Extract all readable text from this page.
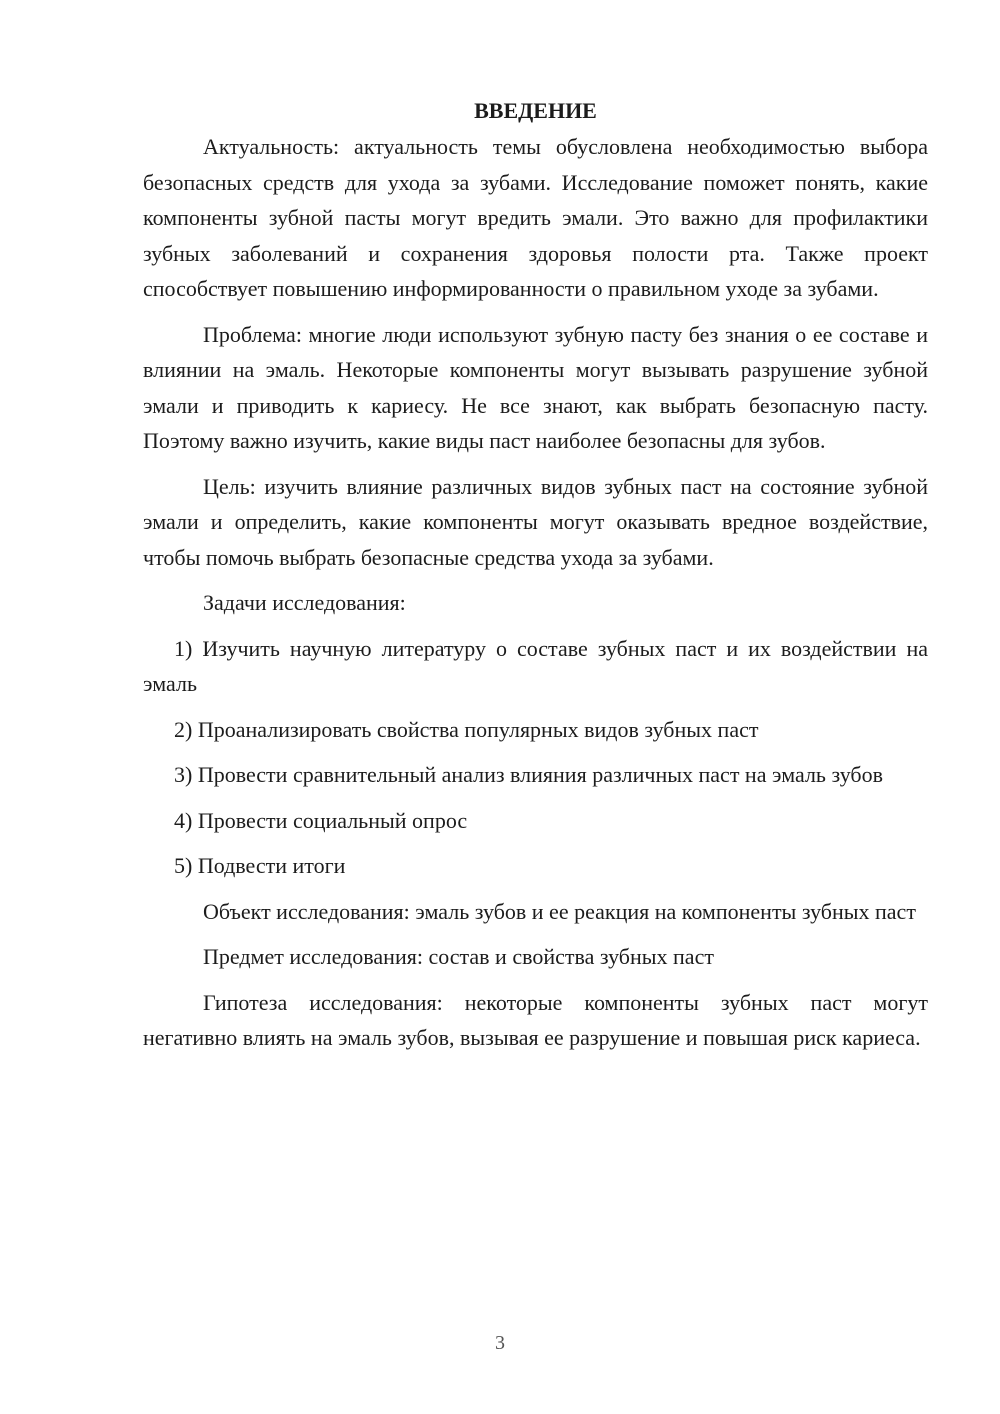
ВВЕДЕНИЕ

Актуальность: актуальность темы обусловлена необходимостью выбора безопасных средств для ухода за зубами. Исследование поможет понять, какие компоненты зубной пасты могут вредить эмали. Это важно для профилактики зубных заболеваний и сохранения здоровья полости рта. Также проект способствует повышению информированности о правильном уходе за зубами.

Проблема: многие люди используют зубную пасту без знания о ее составе и влиянии на эмаль. Некоторые компоненты могут вызывать разрушение зубной эмали и приводить к кариесу. Не все знают, как выбрать безопасную пасту. Поэтому важно изучить, какие виды паст наиболее безопасны для зубов.

Цель: изучить влияние различных видов зубных паст на состояние зубной эмали и определить, какие компоненты могут оказывать вредное воздействие, чтобы помочь выбрать безопасные средства ухода за зубами.

Задачи исследования:

1) Изучить научную литературу о составе зубных паст и их воздействии на эмаль

2) Проанализировать свойства популярных видов зубных паст

3) Провести сравнительный анализ влияния различных паст на эмаль зубов

4) Провести социальный опрос

5) Подвести итоги

Объект исследования: эмаль зубов и ее реакция на компоненты зубных паст

Предмет исследования: состав и свойства зубных паст

Гипотеза исследования: некоторые компоненты зубных паст могут негативно влиять на эмаль зубов, вызывая ее разрушение и повышая риск кариеса.

3
